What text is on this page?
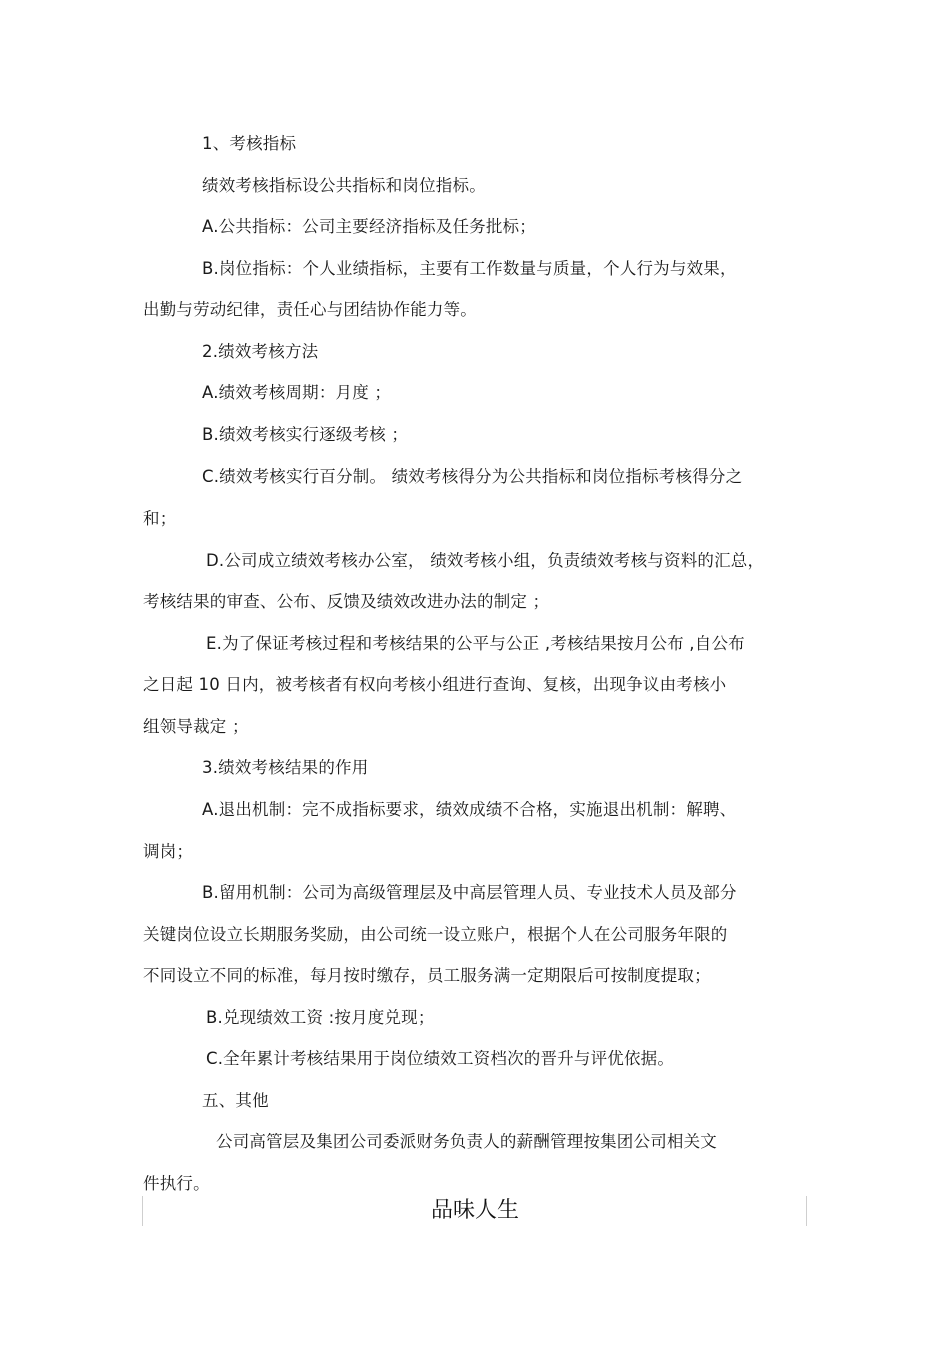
1、考核指标
绩效考核指标设公共指标和岗位指标。
A.公共指标：公司主要经济指标及任务批标；
B.岗位指标：个人业绩指标，主要有工作数量与质量，个人行为与效果，
出勤与劳动纪律，责任心与团结协作能力等。
2.绩效考核方法
A.绩效考核周期：月度 ；
B.绩效考核实行逐级考核 ；
C.绩效考核实行百分制。 绩效考核得分为公共指标和岗位指标考核得分之
和；
D.公司成立绩效考核办公室， 绩效考核小组，负责绩效考核与资料的汇总，
考核结果的审查、公布、反馈及绩效改进办法的制定 ；
E.为了保证考核过程和考核结果的公平与公正 ,考核结果按月公布 ,自公布
之日起 10 日内，被考核者有权向考核小组进行查询、复核，出现争议由考核小
组领导裁定 ；
3.绩效考核结果的作用
A.退出机制：完不成指标要求，绩效成绩不合格，实施退出机制：解聘、
调岗；
B.留用机制：公司为高级管理层及中高层管理人员、专业技术人员及部分
关键岗位设立长期服务奖励，由公司统一设立账户，根据个人在公司服务年限的
不同设立不同的标准，每月按时缴存，员工服务满一定期限后可按制度提取；
B.兑现绩效工资 :按月度兑现；
C.全年累计考核结果用于岗位绩效工资档次的晋升与评优依据。
五、其他
公司高管层及集团公司委派财务负责人的薪酬管理按集团公司相关文
件执行。
品味人生
